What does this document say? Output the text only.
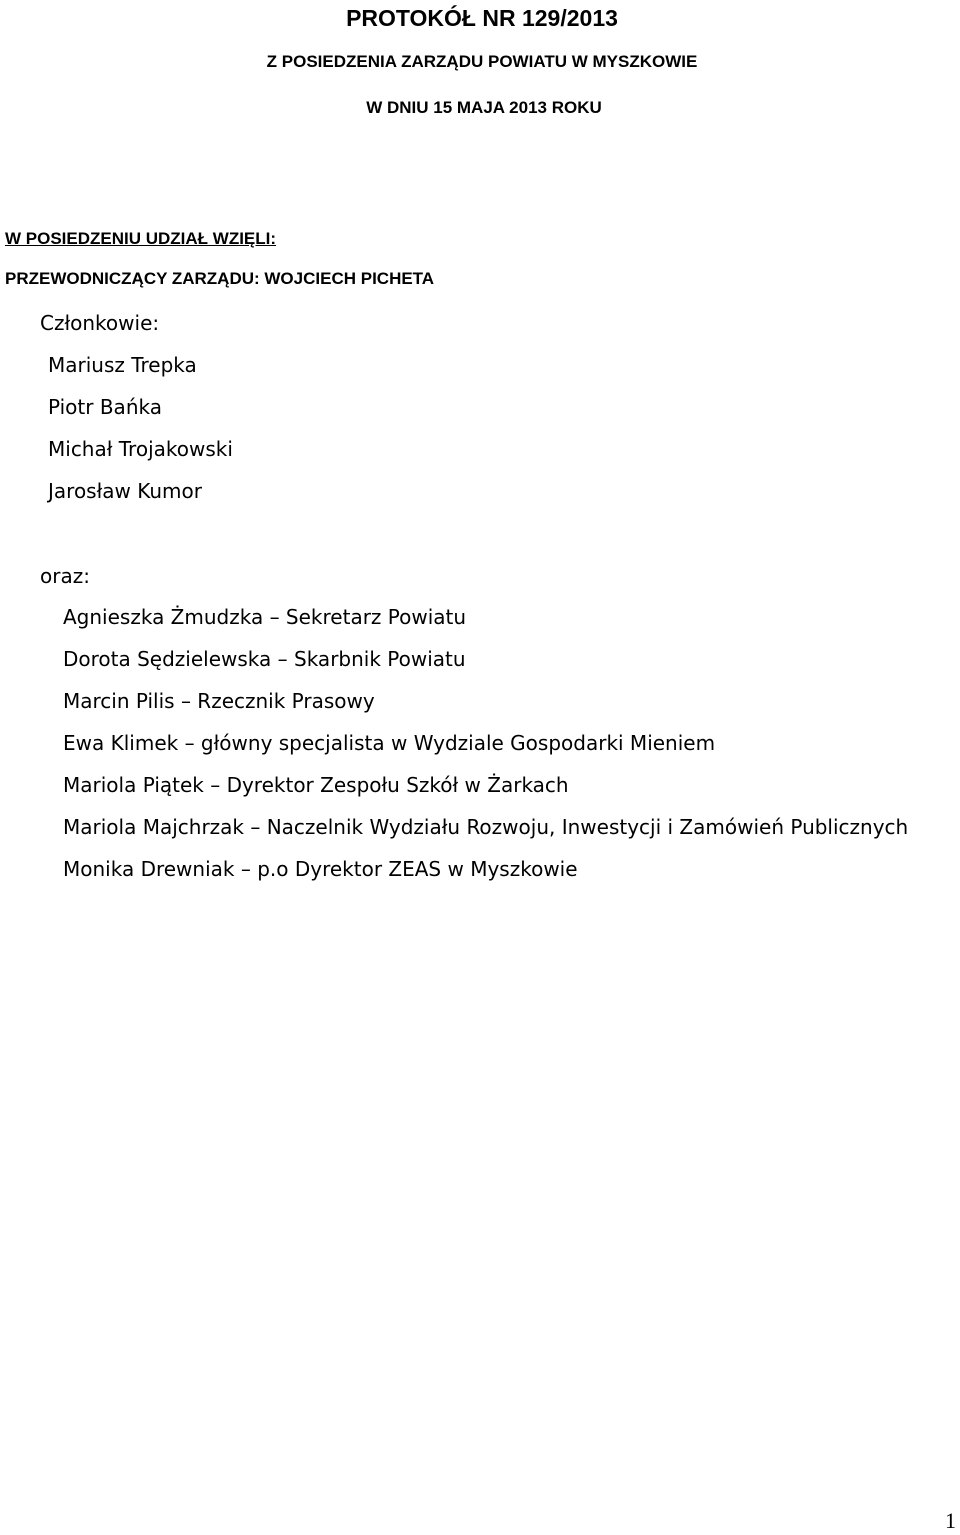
PROTOKÓŁ NR 129/2013

Z POSIEDZENIA ZARZĄDU POWIATU W MYSZKOWIE

W DNIU 15 MAJA 2013 ROKU

W POSIEDZENIU UDZIAŁ WZIĘLI:

PRZEWODNICZĄCY ZARZĄDU: WOJCIECH PICHETA

Członkowie:

Mariusz Trepka

Piotr Bańka

Michał Trojakowski

Jarosław Kumor

oraz:

Agnieszka Żmudzka – Sekretarz Powiatu

Dorota Sędzielewska – Skarbnik Powiatu

Marcin Pilis – Rzecznik Prasowy

Ewa Klimek – główny specjalista w Wydziale Gospodarki Mieniem

Mariola Piątek – Dyrektor Zespołu Szkół w Żarkach

Mariola Majchrzak – Naczelnik Wydziału Rozwoju, Inwestycji i Zamówień Publicznych

Monika Drewniak – p.o Dyrektor ZEAS w Myszkowie

1
